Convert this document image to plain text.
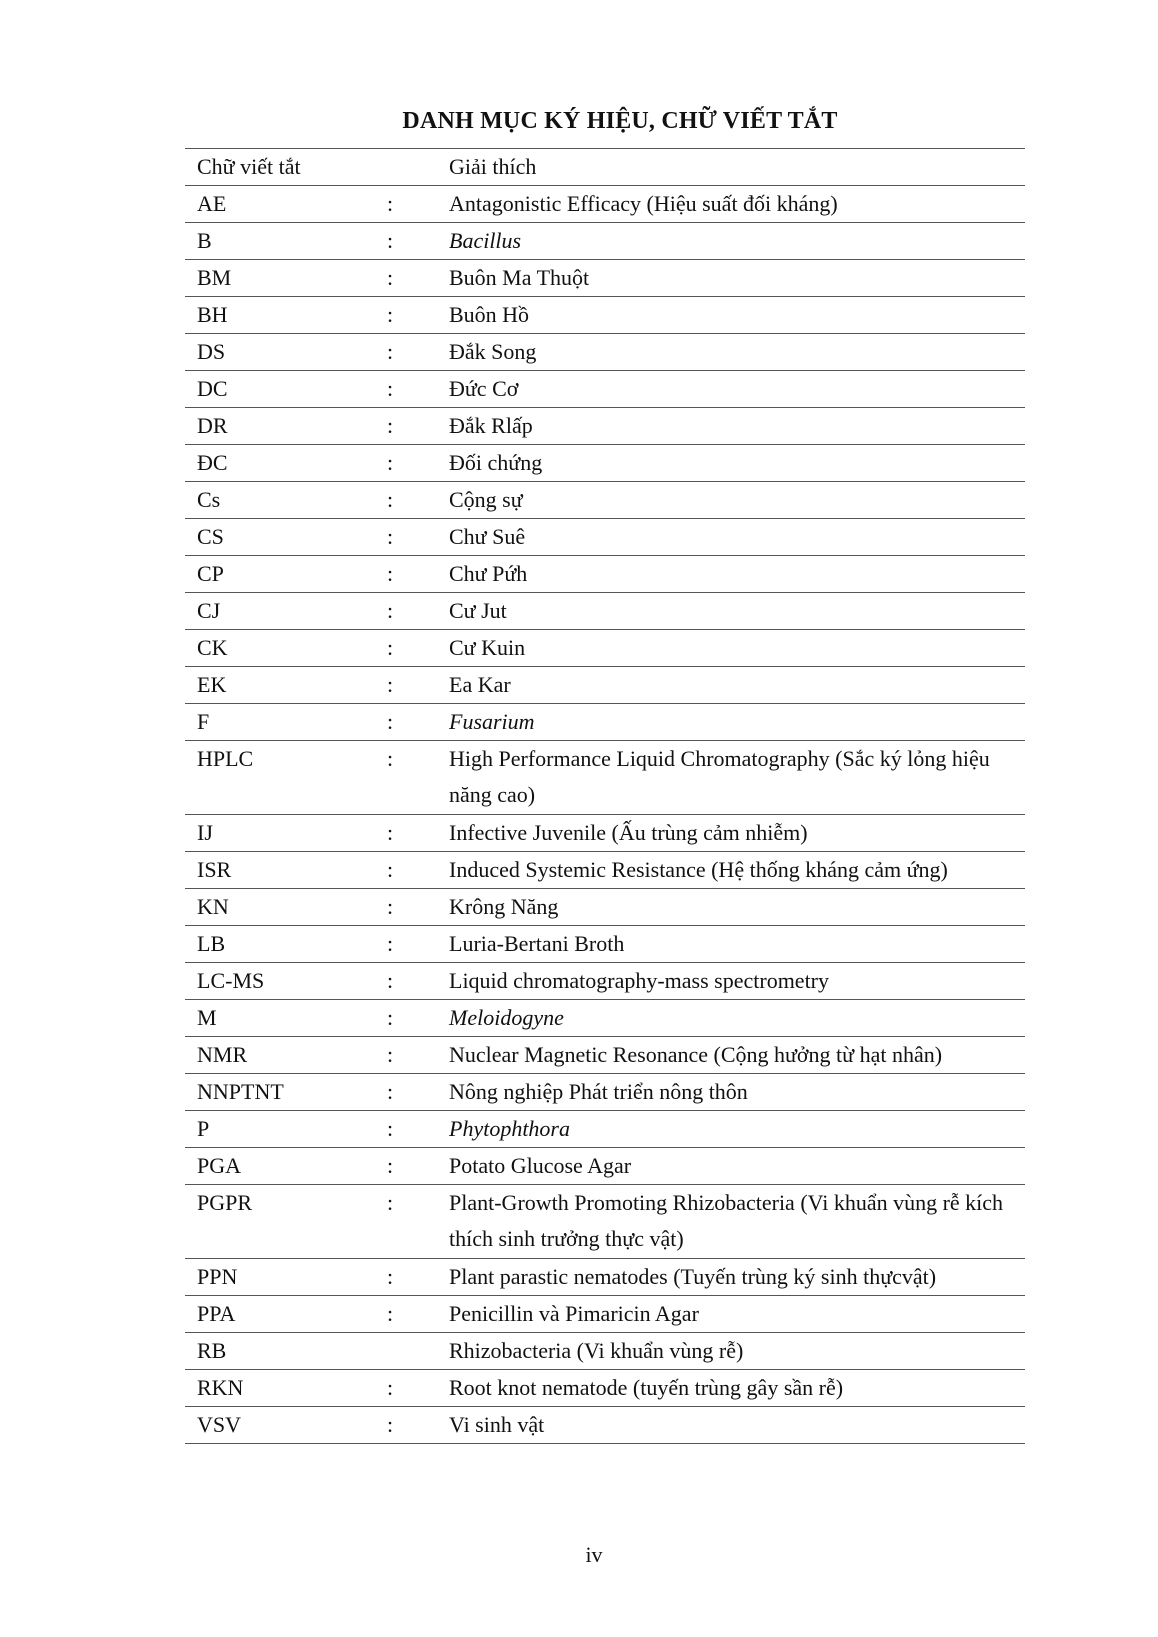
DANH MỤC KÝ HIỆU, CHỮ VIẾT TẮT
Chữ viết tắt		Giải thích
AE	:	Antagonistic Efficacy (Hiệu suất đối kháng)
B	:	Bacillus
BM	:	Buôn Ma Thuột
BH	:	Buôn Hồ
DS	:	Đắk Song
DC	:	Đức Cơ
DR	:	Đắk Rlấp
ĐC	:	Đối chứng
Cs	:	Cộng sự
CS	:	Chư Suê
CP	:	Chư Pứh
CJ	:	Cư Jut
CK	:	Cư Kuin
EK	:	Ea Kar
F	:	Fusarium
HPLC	:	High Performance Liquid Chromatography (Sắc ký lỏng hiệu năng cao)
IJ	:	Infective Juvenile (Ấu trùng cảm nhiễm)
ISR	:	Induced Systemic Resistance (Hệ thống kháng cảm ứng)
KN	:	Krông Năng
LB	:	Luria-Bertani Broth
LC-MS	:	Liquid chromatography-mass spectrometry
M	:	Meloidogyne
NMR	:	Nuclear Magnetic Resonance (Cộng hưởng từ hạt nhân)
NNPTNT	:	Nông nghiệp Phát triển nông thôn
P	:	Phytophthora
PGA	:	Potato Glucose Agar
PGPR	:	Plant-Growth Promoting Rhizobacteria (Vi khuẩn vùng rễ kích thích sinh trưởng thực vật)
PPN	:	Plant parastic nematodes (Tuyến trùng ký sinh thựcvật)
PPA	:	Penicillin và Pimaricin Agar
RB		Rhizobacteria (Vi khuẩn vùng rễ)
RKN	:	Root knot nematode (tuyến trùng gây sần rễ)
VSV	:	Vi sinh vật
iv
